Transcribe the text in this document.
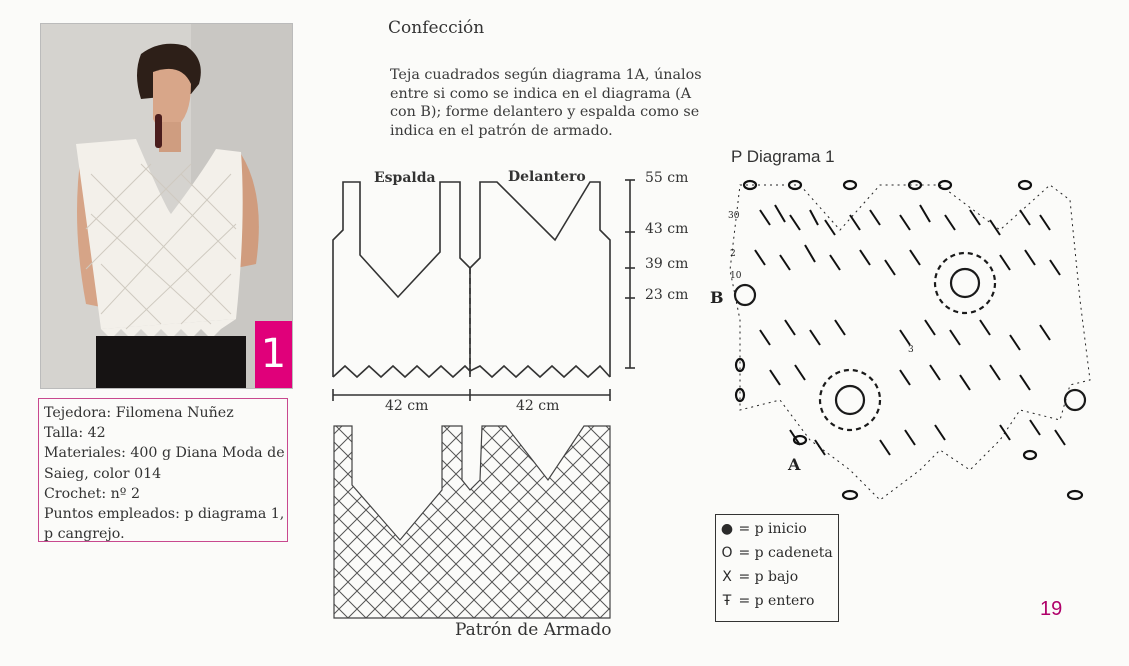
1
Tejedora: Filomena Nuñez
Talla: 42
Materiales: 400 g Diana Moda de
Saieg, color 014
Crochet: nº 2
Puntos empleados: p diagrama 1,
p cangrejo.
Confección
Teja cuadrados según diagrama 1A, únalos
entre si como se indica en el diagrama (A
con B); forme delantero y espalda como se
indica en el patrón de armado.
Espalda	Delantero	55 cm
43 cm
39 cm
23 cm
42 cm	42 cm
Patrón de Armado
P Diagrama 1
30
2
10
3
B
A
● = p inicio
O = p cadeneta
X = p bajo
Ŧ = p entero	19
